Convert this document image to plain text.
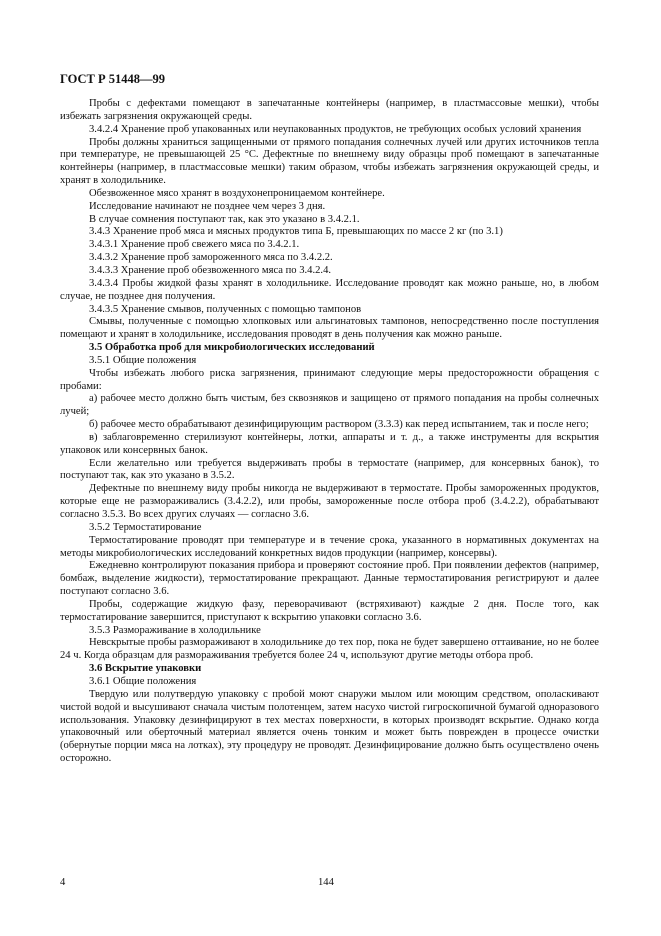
ГОСТ Р 51448—99

Пробы с дефектами помещают в запечатанные контейнеры (например, в пластмассовые мешки), чтобы избежать загрязнения окружающей среды.

3.4.2.4 Хранение проб упакованных или неупакованных продуктов, не требующих особых условий хранения

Пробы должны храниться защищенными от прямого попадания солнечных лучей или других источников тепла при температуре, не превышающей 25 °С. Дефектные по внешнему виду образцы проб помещают в запечатанные контейнеры (например, в пластмассовые мешки) таким образом, чтобы избежать загрязнения окружающей среды, и хранят в холодильнике.

Обезвоженное мясо хранят в воздухонепроницаемом контейнере.

Исследование начинают не позднее чем через 3 дня.

В случае сомнения поступают так, как это указано в 3.4.2.1.

3.4.3 Хранение проб мяса и мясных продуктов типа Б, превышающих по массе 2 кг (по 3.1)

3.4.3.1 Хранение проб свежего мяса по 3.4.2.1.

3.4.3.2 Хранение проб замороженного мяса по 3.4.2.2.

3.4.3.3 Хранение проб обезвоженного мяса по 3.4.2.4.

3.4.3.4 Пробы жидкой фазы хранят в холодильнике. Исследование проводят как можно раньше, но, в любом случае, не позднее дня получения.

3.4.3.5 Хранение смывов, полученных с помощью тампонов

Смывы, полученные с помощью хлопковых или альгинатовых тампонов, непосредственно после поступления помещают и хранят в холодильнике, исследования проводят в день получения как можно раньше.

3.5 Обработка проб для микробиологических исследований

3.5.1 Общие положения

Чтобы избежать любого риска загрязнения, принимают следующие меры предосторожности обращения с пробами:

а) рабочее место должно быть чистым, без сквозняков и защищено от прямого попадания на пробы солнечных лучей;

б) рабочее место обрабатывают дезинфицирующим раствором (3.3.3) как перед испытанием, так и после него;

в) заблаговременно стерилизуют контейнеры, лотки, аппараты и т. д., а также инструменты для вскрытия упаковок или консервных банок.

Если желательно или требуется выдерживать пробы в термостате (например, для консервных банок), то поступают так, как это указано в 3.5.2.

Дефектные по внешнему виду пробы никогда не выдерживают в термостате. Пробы замороженных продуктов, которые еще не размораживались (3.4.2.2), или пробы, замороженные после отбора проб (3.4.2.2), обрабатывают согласно 3.5.3. Во всех других случаях — согласно 3.6.

3.5.2 Термостатирование

Термостатирование проводят при температуре и в течение срока, указанного в нормативных документах на методы микробиологических исследований конкретных видов продукции (например, консервы).

Ежедневно контролируют показания прибора и проверяют состояние проб. При появлении дефектов (например, бомбаж, выделение жидкости), термостатирование прекращают. Данные термостатирования регистрируют и далее поступают согласно 3.6.

Пробы, содержащие жидкую фазу, переворачивают (встряхивают) каждые 2 дня. После того, как термостатирование завершится, приступают к вскрытию упаковки согласно 3.6.

3.5.3 Размораживание в холодильнике

Невскрытые пробы размораживают в холодильнике до тех пор, пока не будет завершено оттаивание, но не более 24 ч. Когда образцам для размораживания требуется более 24 ч, используют другие методы отбора проб.

3.6 Вскрытие упаковки

3.6.1 Общие положения

Твердую или полутвердую упаковку с пробой моют снаружи мылом или моющим средством, ополаскивают чистой водой и высушивают сначала чистым полотенцем, затем насухо чистой гигроскопичной бумагой одноразового использования. Упаковку дезинфицируют в тех местах поверхности, в которых производят вскрытие. Однако когда упаковочный или оберточный материал является очень тонким и может быть поврежден в процессе очистки (обернутые порции мяса на лотках), эту процедуру не проводят. Дезинфицирование должно быть осуществлено очень осторожно.

4	144
